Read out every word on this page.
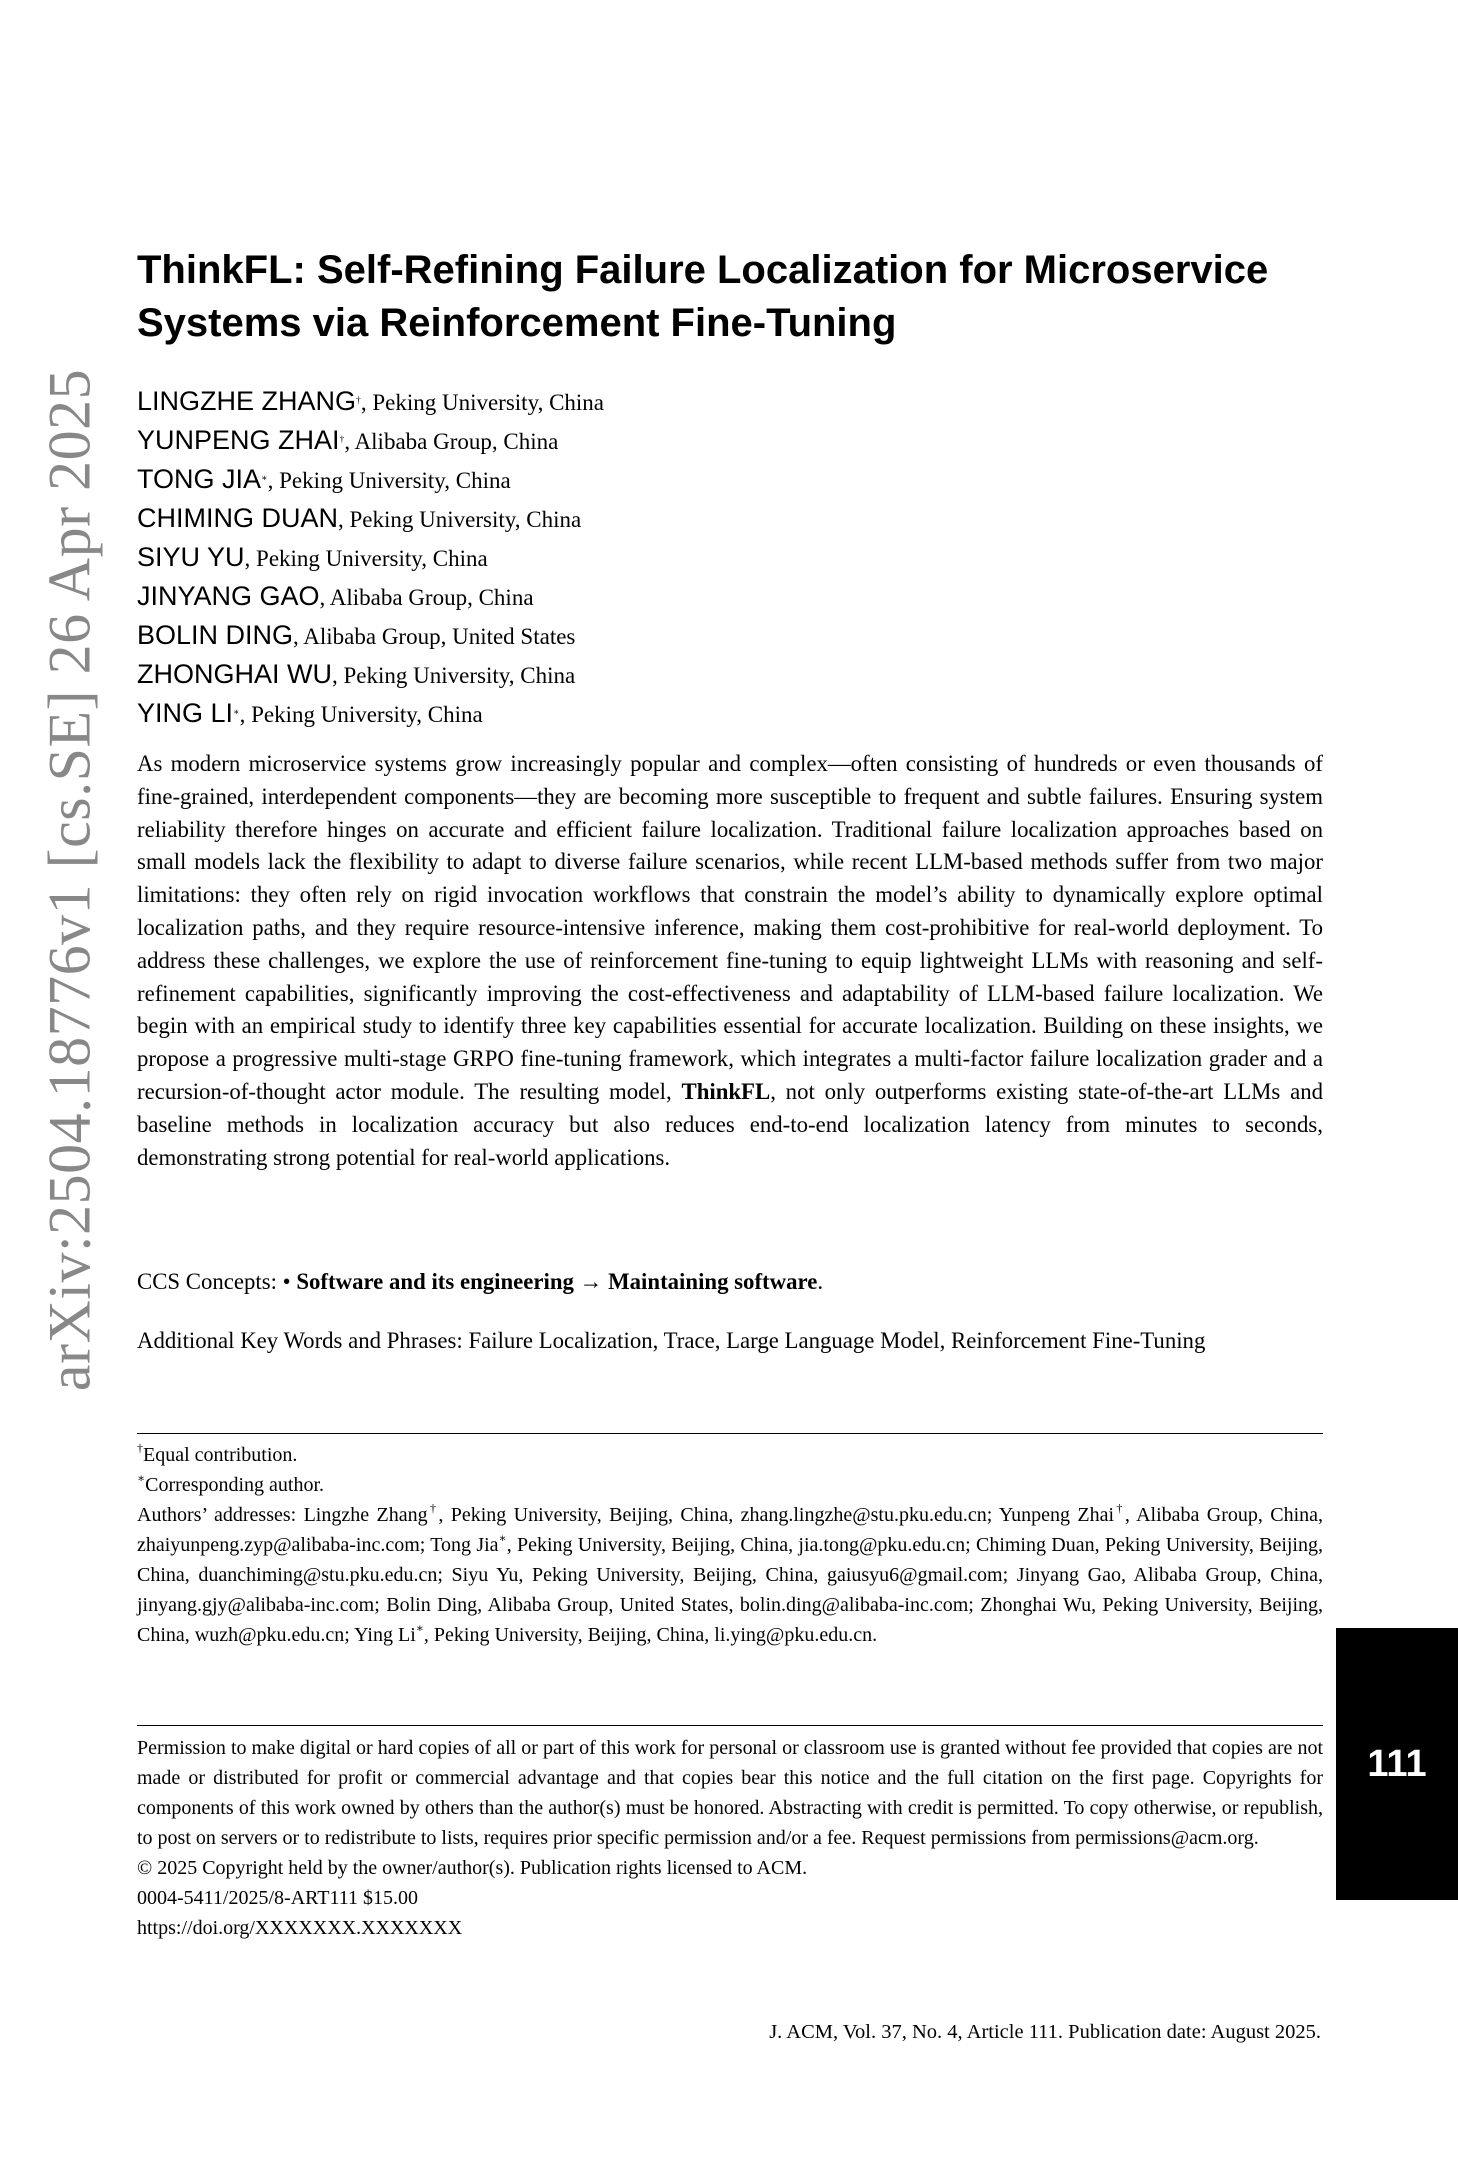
arXiv:2504.18776v1 [cs.SE] 26 Apr 2025
ThinkFL: Self-Refining Failure Localization for Microservice
Systems via Reinforcement Fine-Tuning
LINGZHE ZHANG†, Peking University, China
YUNPENG ZHAI†, Alibaba Group, China
TONG JIA∗, Peking University, China
CHIMING DUAN, Peking University, China
SIYU YU, Peking University, China
JINYANG GAO, Alibaba Group, China
BOLIN DING, Alibaba Group, United States
ZHONGHAI WU, Peking University, China
YING LI∗, Peking University, China

As modern microservice systems grow increasingly popular and complex—often consisting of hundreds or even thousands of fine-grained, interdependent components—they are becoming more susceptible to frequent and subtle failures. Ensuring system reliability therefore hinges on accurate and efficient failure localization. Traditional failure localization approaches based on small models lack the flexibility to adapt to diverse failure scenarios, while recent LLM-based methods suffer from two major limitations: they often rely on rigid invocation workflows that constrain the model’s ability to dynamically explore optimal localization paths, and they require resource-intensive inference, making them cost-prohibitive for real-world deployment. To address these challenges, we explore the use of reinforcement fine-tuning to equip lightweight LLMs with reasoning and self-refinement capabilities, significantly improving the cost-effectiveness and adaptability of LLM-based failure localization. We begin with an empirical study to identify three key capabilities essential for accurate localization. Building on these insights, we propose a progressive multi-stage GRPO fine-tuning framework, which integrates a multi-factor failure localization grader and a recursion-of-thought actor module. The resulting model, ThinkFL, not only outperforms existing state-of-the-art LLMs and baseline methods in localization accuracy but also reduces end-to-end localization latency from minutes to seconds, demonstrating strong potential for real-world applications.

CCS Concepts: • Software and its engineering → Maintaining software.

Additional Key Words and Phrases: Failure Localization, Trace, Large Language Model, Reinforcement Fine-Tuning

†Equal contribution.

∗Corresponding author.

Authors’ addresses: Lingzhe Zhang†, Peking University, Beijing, China, zhang.lingzhe@stu.pku.edu.cn; Yunpeng Zhai†, Alibaba Group, China, zhaiyunpeng.zyp@alibaba-inc.com; Tong Jia∗, Peking University, Beijing, China, jia.tong@pku.edu.cn; Chiming Duan, Peking University, Beijing, China, duanchiming@stu.pku.edu.cn; Siyu Yu, Peking University, Beijing, China, gaiusyu6@gmail.com; Jinyang Gao, Alibaba Group, China, jinyang.gjy@alibaba-inc.com; Bolin Ding, Alibaba Group, United States, bolin.ding@alibaba-inc.com; Zhonghai Wu, Peking University, Beijing, China, wuzh@pku.edu.cn; Ying Li∗, Peking University, Beijing, China, li.ying@pku.edu.cn.

Permission to make digital or hard copies of all or part of this work for personal or classroom use is granted without fee provided that copies are not made or distributed for profit or commercial advantage and that copies bear this notice and the full citation on the first page. Copyrights for components of this work owned by others than the author(s) must be honored. Abstracting with credit is permitted. To copy otherwise, or republish, to post on servers or to redistribute to lists, requires prior specific permission and/or a fee. Request permissions from permissions@acm.org.

© 2025 Copyright held by the owner/author(s). Publication rights licensed to ACM.

0004-5411/2025/8-ART111 $15.00

https://doi.org/XXXXXXX.XXXXXXX

111
J. ACM, Vol. 37, No. 4, Article 111. Publication date: August 2025.
